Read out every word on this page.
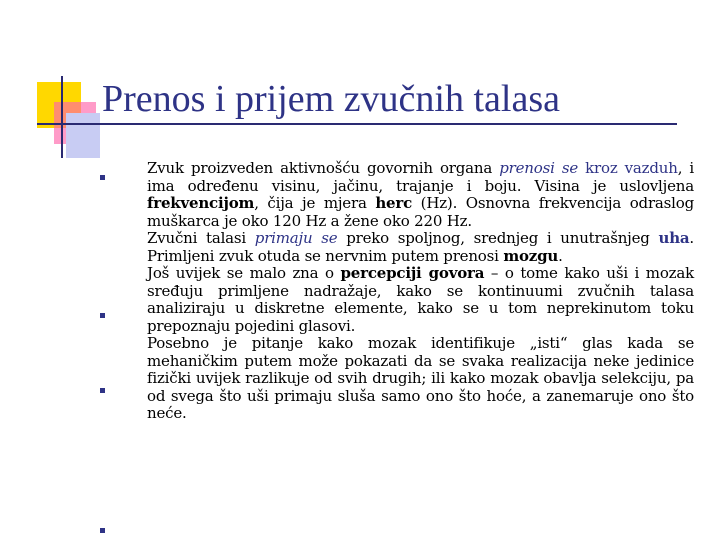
Prenos i prijem zvučnih talasa
Zvuk proizveden aktivnošću govornih organa prenosi se kroz vazduh, i ima određenu visinu, jačinu, trajanje i boju. Visina je uslovljena frekvencijom, čija je mjera herc (Hz). Osnovna frekvencija odraslog muškarca je oko 120 Hz a žene oko 220 Hz.
Zvučni talasi primaju se preko spoljnog, srednjeg i unutrašnjeg uha. Primljeni zvuk otuda se nervnim putem prenosi mozgu.
Još uvijek se malo zna o percepciji govora – o tome kako uši i mozak sređuju primljene nadražaje, kako se kontinuumi zvučnih talasa analiziraju u diskretne elemente, kako se u tom neprekinutom toku prepoznaju pojedini glasovi.
Posebno je pitanje kako mozak identifikuje „isti“ glas kada se mehaničkim putem može pokazati da se svaka realizacija neke jedinice fizički uvijek razlikuje od svih drugih; ili kako mozak obavlja selekciju, pa od svega što uši primaju sluša samo ono što hoće, a zanemaruje ono što neće.
